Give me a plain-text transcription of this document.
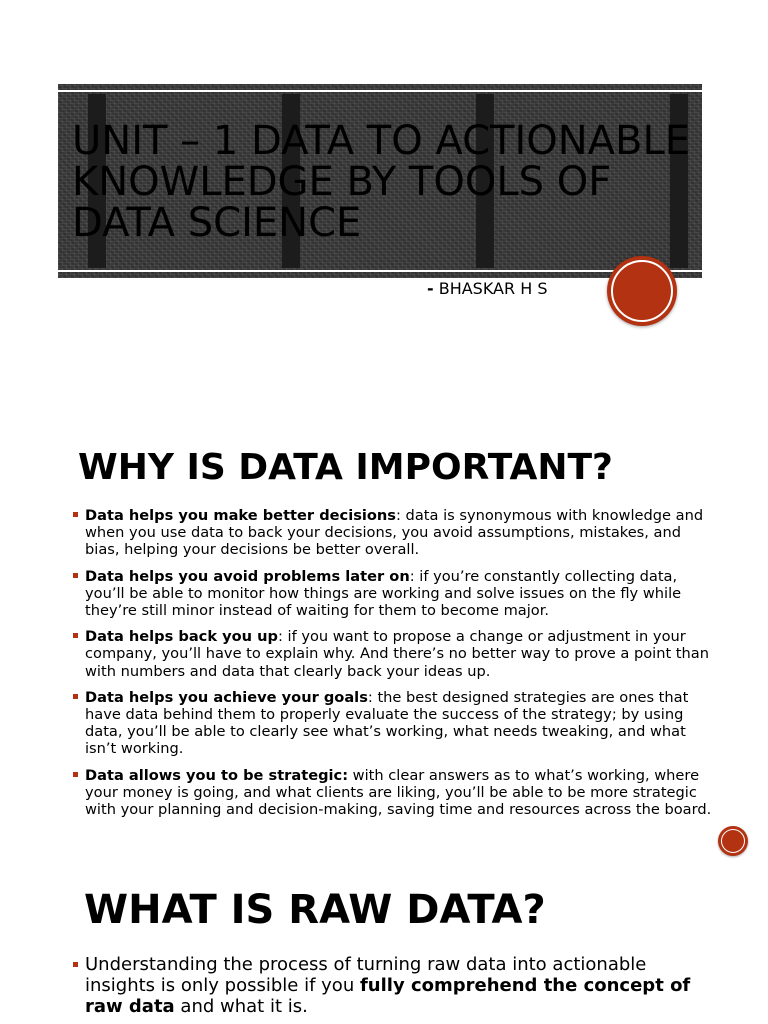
UNIT – 1 DATA TO ACTIONABLE KNOWLEDGE BY TOOLS OF DATA SCIENCE
- BHASKAR H S
WHY IS DATA IMPORTANT?
Data helps you make better decisions: data is synonymous with knowledge and when you use data to back your decisions, you avoid assumptions, mistakes, and bias, helping your decisions be better overall.
Data helps you avoid problems later on: if you’re constantly collecting data, you’ll be able to monitor how things are working and solve issues on the fly while they’re still minor instead of waiting for them to become major.
Data helps back you up: if you want to propose a change or adjustment in your company, you’ll have to explain why. And there’s no better way to prove a point than with numbers and data that clearly back your ideas up.
Data helps you achieve your goals: the best designed strategies are ones that have data behind them to properly evaluate the success of the strategy; by using data, you’ll be able to clearly see what’s working, what needs tweaking, and what isn’t working.
Data allows you to be strategic: with clear answers as to what’s working, where your money is going, and what clients are liking, you’ll be able to be more strategic with your planning and decision-making, saving time and resources across the board.
WHAT IS RAW DATA?
Understanding the process of turning raw data into actionable insights is only possible if you fully comprehend the concept of raw data and what it is.
